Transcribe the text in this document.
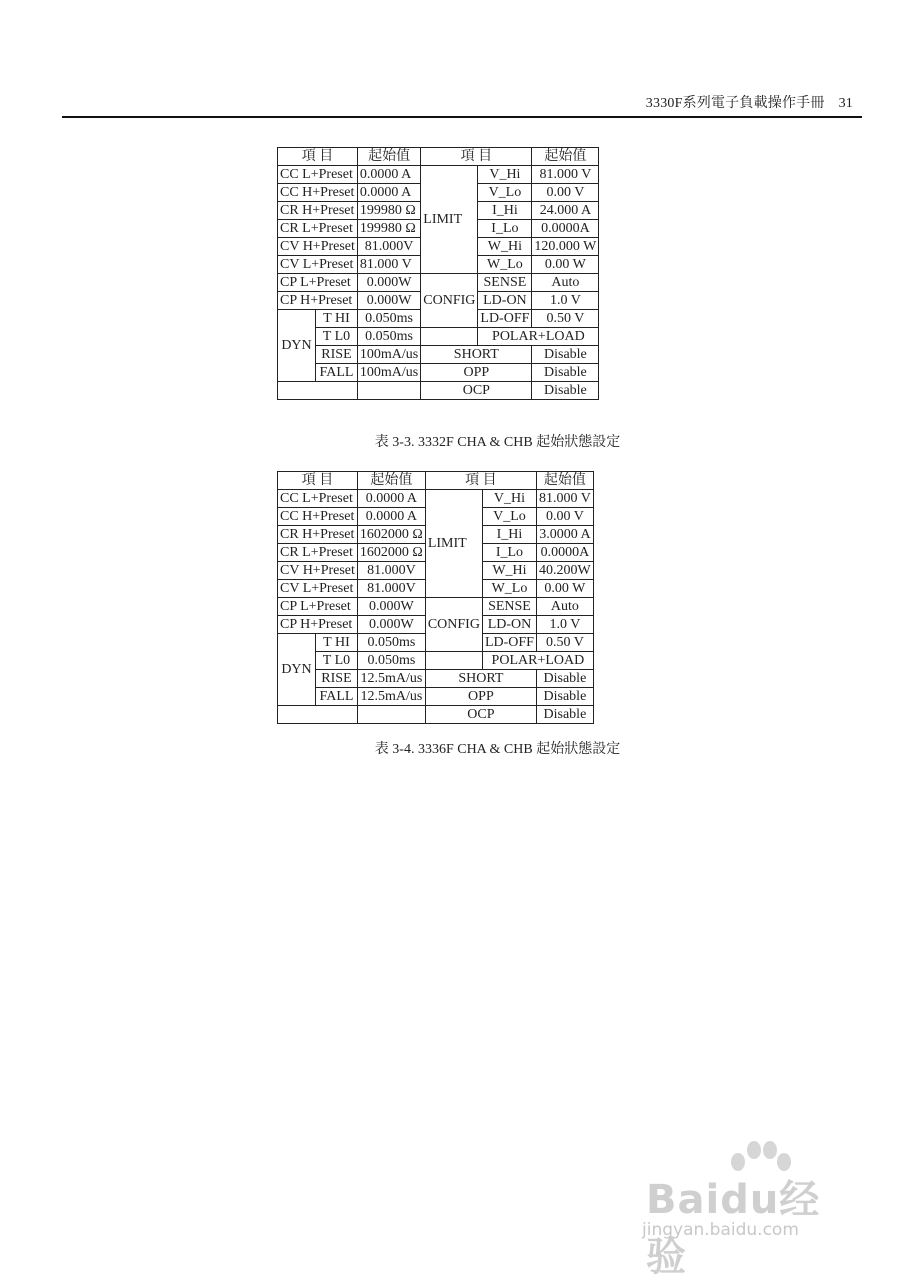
3330F系列電子負載操作手冊 31
項 目		起始值	項 目		起始值
CC L+Preset		0.0000 A	LIMIT	V_Hi	81.000 V
CC H+Preset		0.0000 A		V_Lo	0.00 V
CR H+Preset		199980 Ω		I_Hi	24.000 A
CR L+Preset		199980 Ω		I_Lo	0.0000A
CV H+Preset		81.000V		W_Hi	120.000 W
CV L+Preset		81.000 V		W_Lo	0.00 W
CP L+Preset		0.000W	CONFIG	SENSE	Auto
CP H+Preset		0.000W		LD-ON	1.0 V
DYN	T HI	0.050ms		LD-OFF	0.50 V
	T L0	0.050ms		POLAR+LOAD	
	RISE	100mA/us	SHORT		Disable
	FALL	100mA/us	OPP		Disable
			OCP		Disable
表 3-3. 3332F CHA & CHB 起始狀態設定
項 目		起始值	項 目		起始值
CC L+Preset		0.0000 A	LIMIT	V_Hi	81.000 V
CC H+Preset		0.0000 A		V_Lo	0.00 V
CR H+Preset		1602000 Ω		I_Hi	3.0000 A
CR L+Preset		1602000 Ω		I_Lo	0.0000A
CV H+Preset		81.000V		W_Hi	40.200W
CV L+Preset		81.000V		W_Lo	0.00 W
CP L+Preset		0.000W	CONFIG	SENSE	Auto
CP H+Preset		0.000W		LD-ON	1.0 V
DYN	T HI	0.050ms		LD-OFF	0.50 V
	T L0	0.050ms		POLAR+LOAD	
	RISE	12.5mA/us	SHORT		Disable
	FALL	12.5mA/us	OPP		Disable
			OCP		Disable
表 3-4. 3336F CHA & CHB 起始狀態設定
Baidu经验
jingyan.baidu.com
